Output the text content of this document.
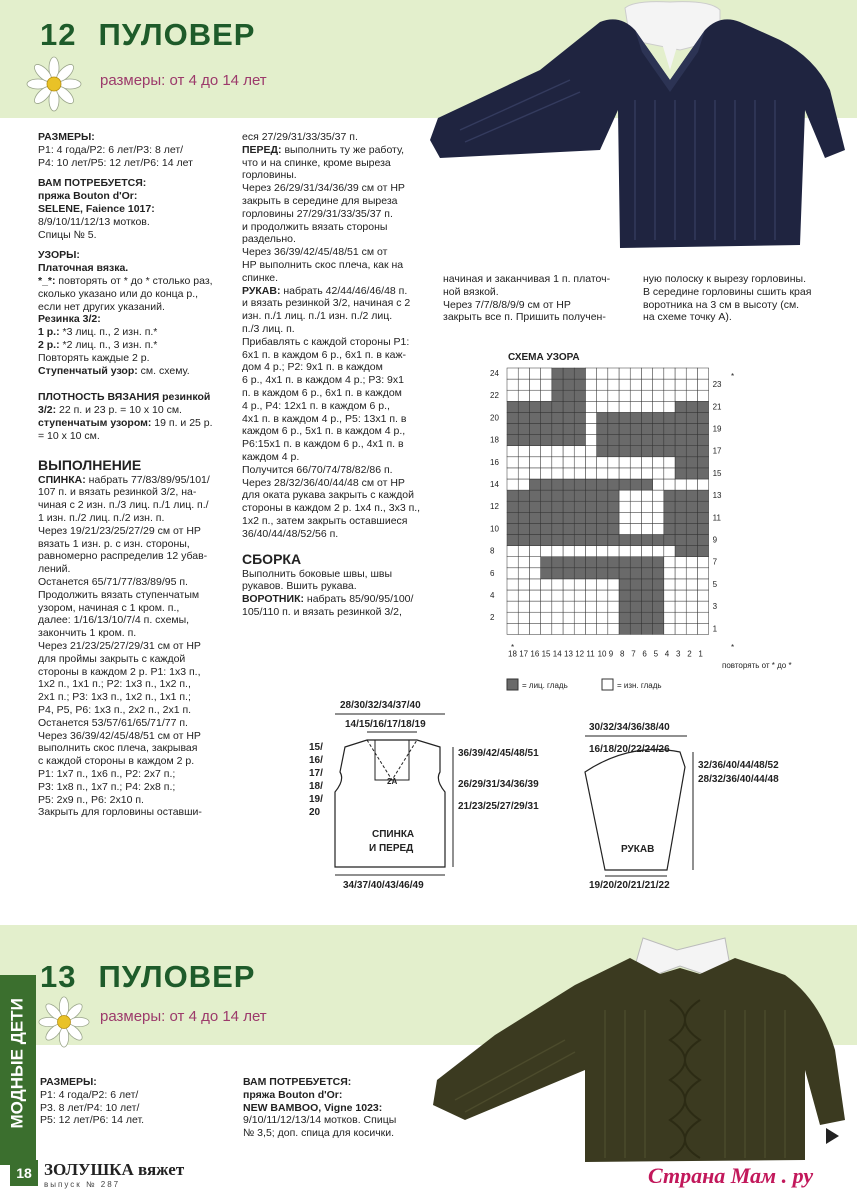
12 ПУЛОВЕР
размеры: от 4 до 14 лет

РАЗМЕРЫ:

Р1: 4 года/Р2: 6 лет/Р3: 8 лет/

Р4: 10 лет/Р5: 12 лет/Р6: 14 лет

ВАМ ПОТРЕБУЕТСЯ:

пряжа Bouton d'Or:

SELENE, Faience 1017:

8/9/10/11/12/13 мотков.

Спицы № 5.

УЗОРЫ:

Платочная вязка.

*_*: повторять от * до * столько раз,

сколько указано или до конца р.,

если нет других указаний.

Резинка 3/2:

1 р.: *3 лиц. п., 2 изн. п.*

2 р.: *2 лиц. п., 3 изн. п.*

Повторять каждые 2 р.

Ступенчатый узор: см. схему.

ПЛОТНОСТЬ ВЯЗАНИЯ резинкой

3/2: 22 п. и 23 р. = 10 х 10 см.

ступенчатым узором: 19 п. и 25 р.

= 10 х 10 см.

ВЫПОЛНЕНИЕ

СПИНКА: набрать 77/83/89/95/101/

107 п. и вязать резинкой 3/2, на-

чиная с 2 изн. п./3 лиц. п./1 лиц. п./

1 изн. п./2 лиц. п./2 изн. п.

Через 19/21/23/25/27/29 см от НР

вязать 1 изн. р. с изн. стороны,

равномерно распределив 12 убав-

лений.

Останется 65/71/77/83/89/95 п.

Продолжить вязать ступенчатым

узором, начиная с 1 кром. п.,

далее: 1/16/13/10/7/4 п. схемы,

закончить 1 кром. п.

Через 21/23/25/27/29/31 см от НР

для проймы закрыть с каждой

стороны в каждом 2 р. Р1: 1х3 п.,

1х2 п., 1х1 п.; Р2: 1х3 п., 1х2 п.,

2х1 п.; Р3: 1х3 п., 1х2 п., 1х1 п.;

Р4, Р5, Р6: 1х3 п., 2х2 п., 2х1 п.

Останется 53/57/61/65/71/77 п.

Через 36/39/42/45/48/51 см от НР

выполнить скос плеча, закрывая

с каждой стороны в каждом 2 р.

Р1: 1х7 п., 1х6 п., Р2: 2х7 п.;

Р3: 1х8 п., 1х7 п.; Р4: 2х8 п.;

Р5: 2х9 п., Р6: 2х10 п.

Закрыть для горловины оставши-

еся 27/29/31/33/35/37 п.

ПЕРЕД: выполнить ту же работу,

что и на спинке, кроме выреза

горловины.

Через 26/29/31/34/36/39 см от НР

закрыть в середине для выреза

горловины 27/29/31/33/35/37 п.

и продолжить вязать стороны

раздельно.

Через 36/39/42/45/48/51 см от

НР выполнить скос плеча, как на

спинке.

РУКАВ: набрать 42/44/46/46/48 п.

и вязать резинкой 3/2, начиная с 2

изн. п./1 лиц. п./1 изн. п./2 лиц.

п./3 лиц. п.

Прибавлять с каждой стороны Р1:

6х1 п. в каждом 6 р., 6х1 п. в каж-

дом 4 р.; Р2: 9х1 п. в каждом

6 р., 4х1 п. в каждом 4 р.; Р3: 9х1

п. в каждом 6 р., 6х1 п. в каждом

4 р., Р4: 12х1 п. в каждом 6 р.,

4х1 п. в каждом 4 р., Р5: 13х1 п. в

каждом 6 р., 5х1 п. в каждом 4 р.,

Р6:15х1 п. в каждом 6 р., 4х1 п. в

каждом 4 р.

Получится 66/70/74/78/82/86 п.

Через 28/32/36/40/44/48 см от НР

для оката рукава закрыть с каждой

стороны в каждом 2 р. 1х4 п., 3х3 п.,

1х2 п., затем закрыть оставшиеся

36/40/44/48/52/56 п.

СБОРКА

Выполнить боковые швы, швы

рукавов. Вшить рукава.

ВОРОТНИК: набрать 85/90/95/100/

105/110 п. и вязать резинкой 3/2,

начиная и заканчивая 1 п. платоч-

ной вязкой.

Через 7/7/8/8/9/9 см от НР

закрыть все п. Пришить получен-

ную полоску к вырезу горловины.

В середине горловины сшить края

воротника на 3 см в высоту (см.

на схеме точку А).

СХЕМА УЗОРА
24
22
20
18
16
14
12
10
8
6
4
2
23
21
19
17
15
13
11
9
7
5
3
1
18 17 16 15 14 13 12 11 10 9 8 7 6 5 4 3 2 1
*
*
*
повторять от * до *
= лиц. гладь	= изн. гладь
28/30/32/34/37/40
14/15/16/17/18/19
2A
15/
16/
17/
18/
19/
20
36/39/42/45/48/51
26/29/31/34/36/39
21/23/25/27/29/31
СПИНКА
И ПЕРЕД
34/37/40/43/46/49
30/32/34/36/38/40
16/18/20/22/24/26
32/36/40/44/48/52
28/32/36/40/44/48
РУКАВ
19/20/20/21/21/22
13 ПУЛОВЕР
размеры: от 4 до 14 лет

РАЗМЕРЫ:

Р1: 4 года/Р2: 6 лет/

Р3. 8 лет/Р4: 10 лет/

Р5: 12 лет/Р6: 14 лет.

ВАМ ПОТРЕБУЕТСЯ:

пряжа Bouton d'Or:

NEW BAMBOO, Vigne 1023:

9/10/11/12/13/14 мотков. Спицы

№ 3,5; доп. спица для косички.

МОДНЫЕ ДЕТИ
18 ЗОЛУШКА вяжет
выпуск № 287	Страна Мам . ру
